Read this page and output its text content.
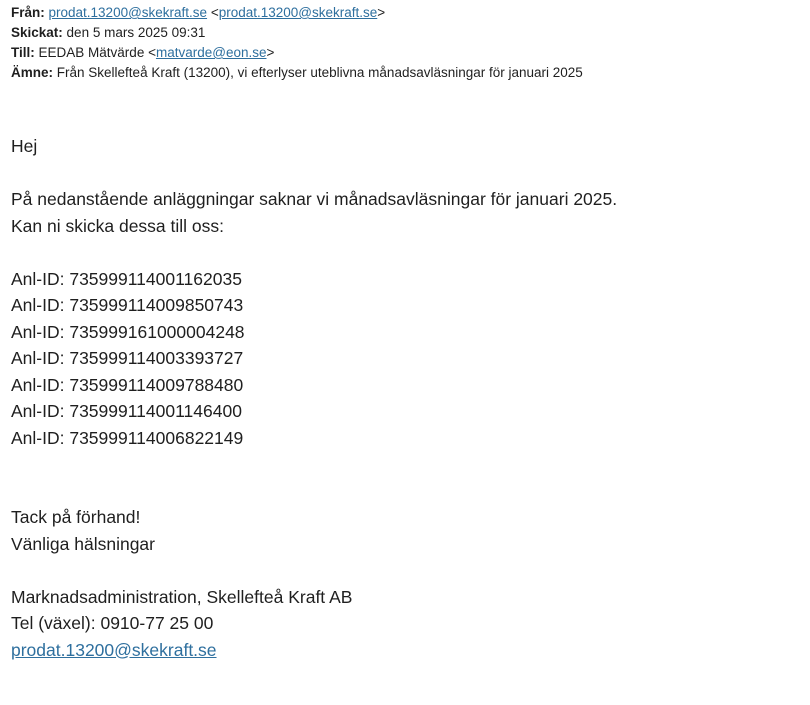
Från: prodat.13200@skekraft.se <prodat.13200@skekraft.se>
Skickat: den 5 mars 2025 09:31
Till: EEDAB Mätvärde <matvarde@eon.se>
Ämne: Från Skellefteå Kraft (13200), vi efterlyser uteblivna månadsavläsningar för januari 2025
Hej
På nedanstående anläggningar saknar vi månadsavläsningar för januari 2025.
Kan ni skicka dessa till oss:
Anl-ID: 735999114001162035
Anl-ID: 735999114009850743
Anl-ID: 735999161000004248
Anl-ID: 735999114003393727
Anl-ID: 735999114009788480
Anl-ID: 735999114001146400
Anl-ID: 735999114006822149
Tack på förhand!
Vänliga hälsningar
Marknadsadministration, Skellefteå Kraft AB
Tel (växel): 0910-77 25 00
prodat.13200@skekraft.se
